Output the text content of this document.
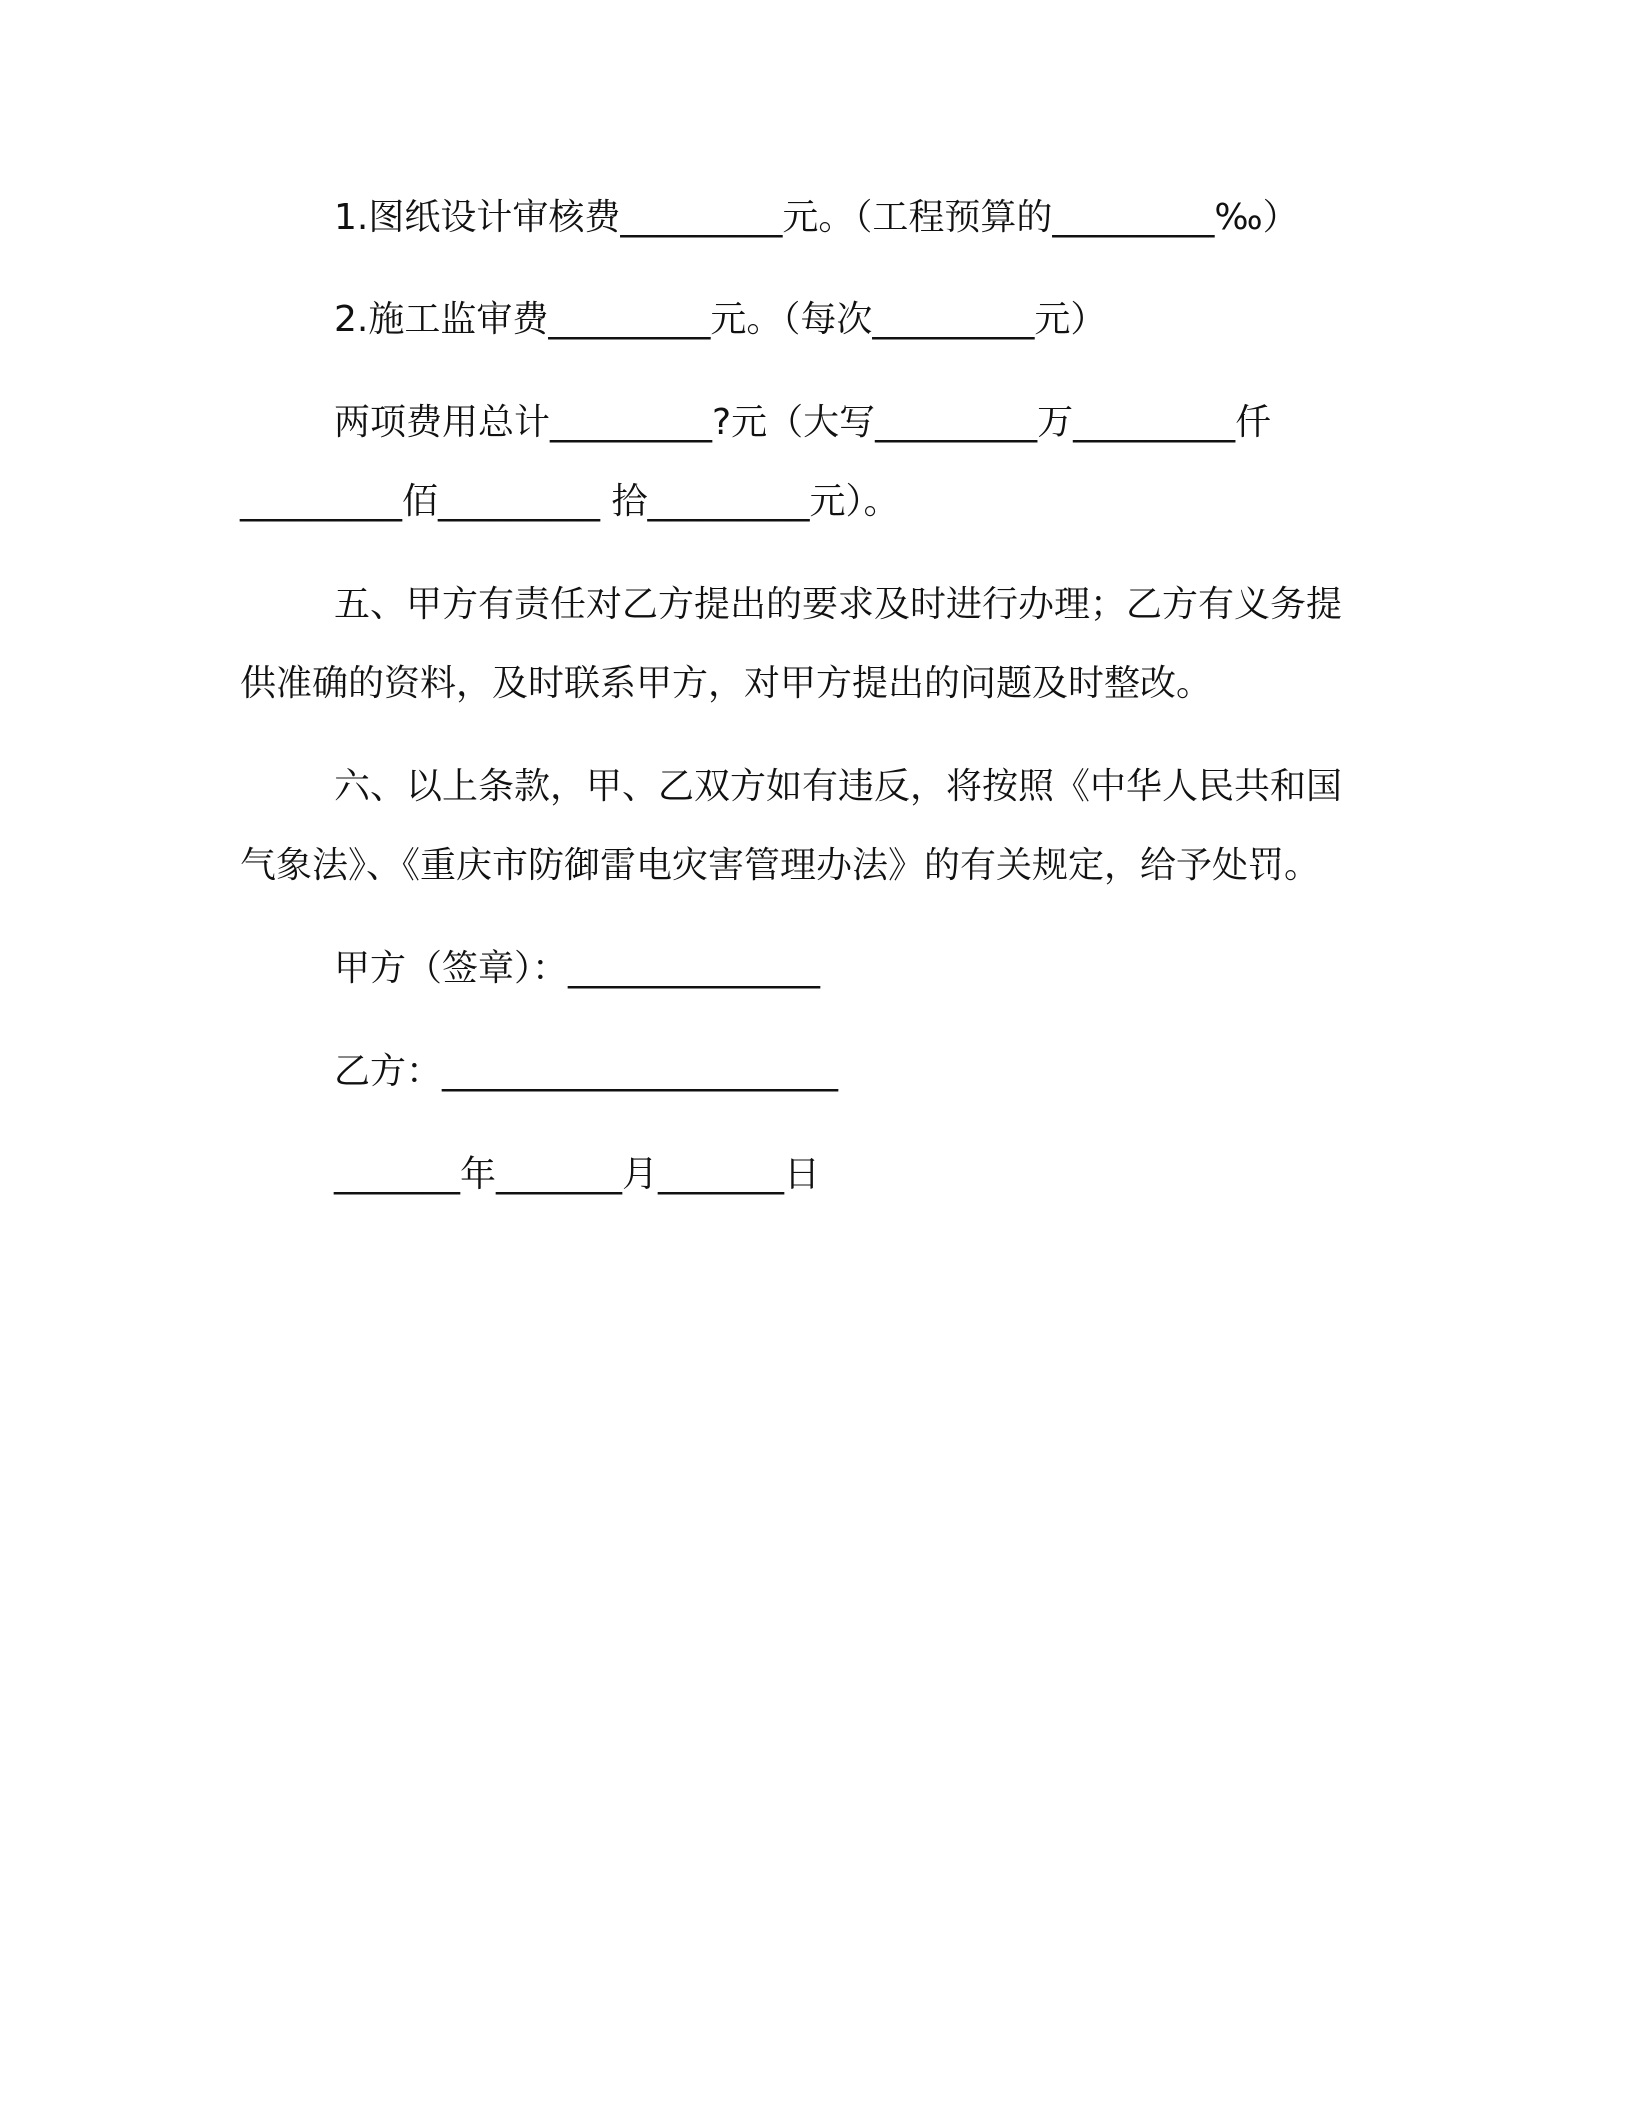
1.图纸设计审核费_________元。（工程预算的_________‰）
2.施工监审费_________元。（每次_________元）
两项费用总计_________?元（大写_________万_________仟
_________佰_________ 拾_________元）。
五、甲方有责任对乙方提出的要求及时进行办理；乙方有义务提
供准确的资料，及时联系甲方，对甲方提出的问题及时整改。
六、以上条款，甲、乙双方如有违反，将按照《中华人民共和国
气象法》、《重庆市防御雷电灾害管理办法》的有关规定，给予处罚。
甲方（签章）：______________
乙方：______________________
_______年_______月_______日
